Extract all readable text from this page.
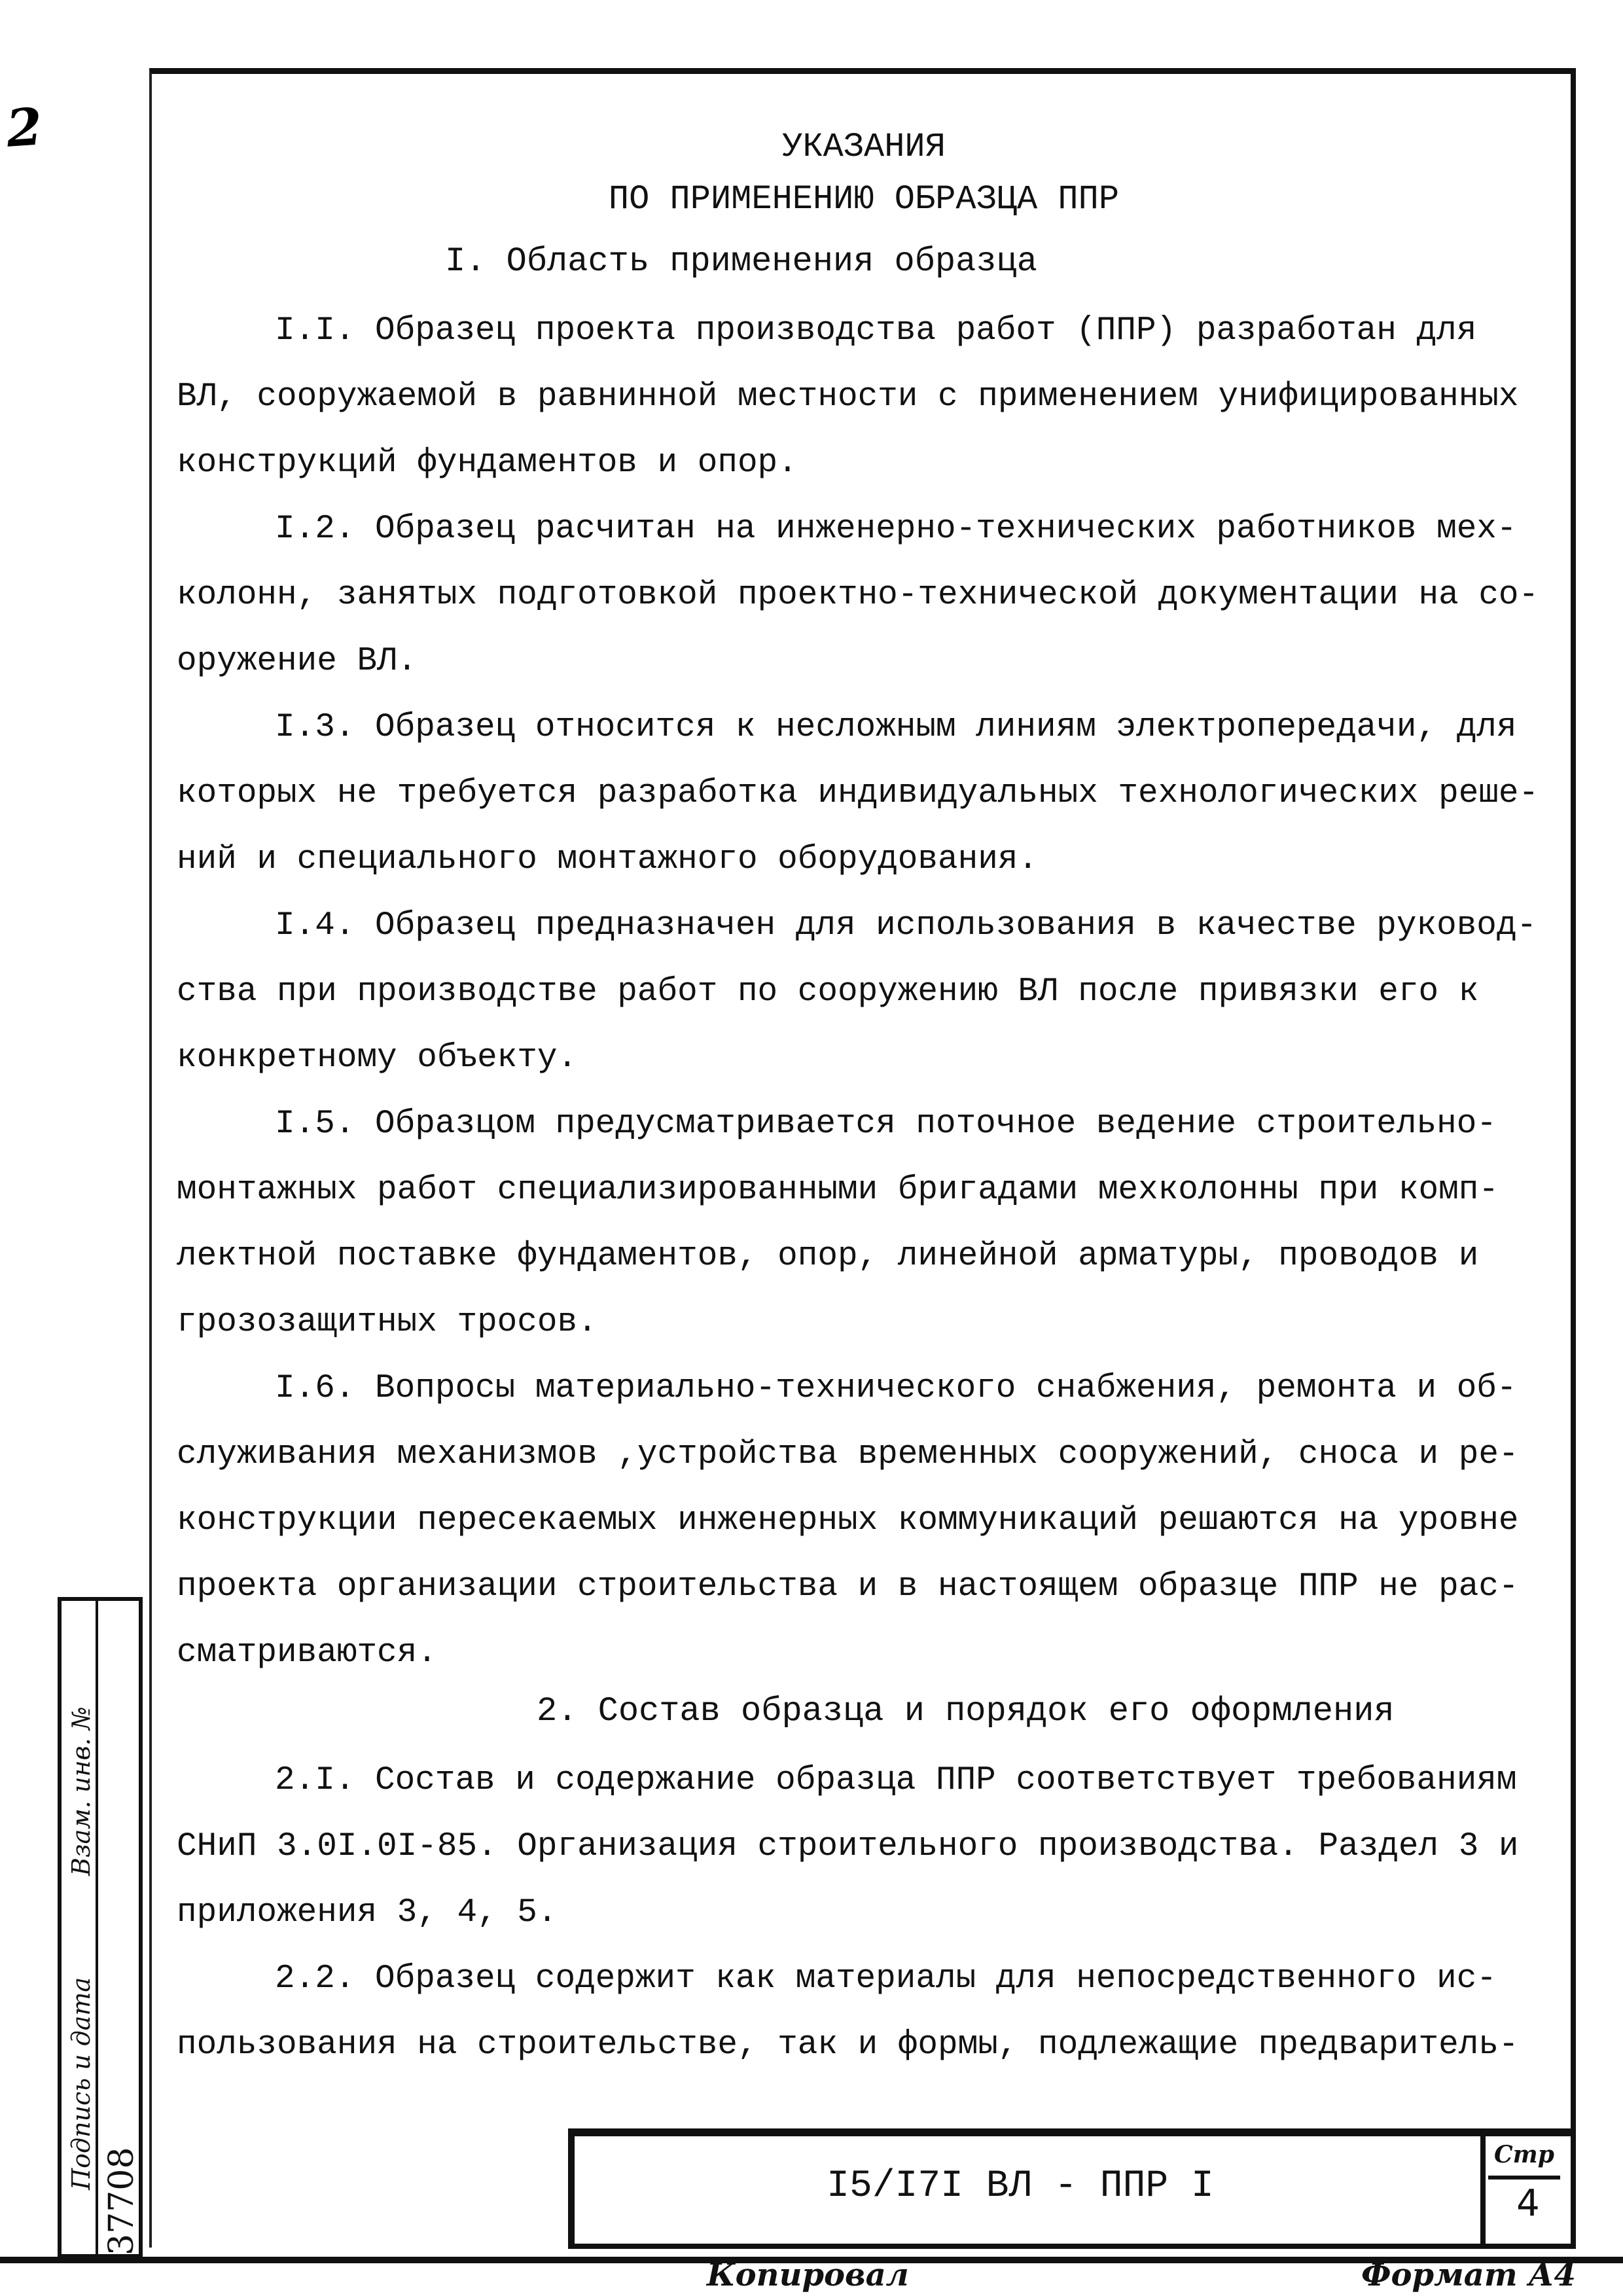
2	УКАЗАНИЯ
ПО ПРИМЕНЕНИЮ ОБРАЗЦА ППР
I. Область применения образца
I.I. Образец проекта производства работ (ППР) разработан для
ВЛ, сооружаемой в равнинной местности с применением унифицированных
конструкций фундаментов и опор.
I.2. Образец расчитан на инженерно-технических работников мех-
колонн, занятых подготовкой проектно-технической документации на со-
оружение ВЛ.
I.3. Образец относится к несложным линиям электропередачи, для
которых не требуется разработка индивидуальных технологических реше-
ний и специального монтажного оборудования.
I.4. Образец предназначен для использования в качестве руковод-
ства при производстве работ по сооружению ВЛ после привязки его к
конкретному объекту.
I.5. Образцом предусматривается поточное ведение строительно-
монтажных работ специализированными бригадами мехколонны при комп-
лектной поставке фундаментов, опор, линейной арматуры, проводов и
грозозащитных тросов.
I.6. Вопросы материально-технического снабжения, ремонта и об-
служивания механизмов ,устройства временных сооружений, сноса и ре-
конструкции пересекаемых инженерных коммуникаций решаются на уровне
проекта организации строительства и в настоящем образце ППР не рас-
сматриваются.
2. Состав образца и порядок его оформления
2.I. Состав и содержание образца ППР соответствует требованиям
СНиП 3.0I.0I-85. Организация строительного производства. Раздел 3 и
приложения 3, 4, 5.
2.2. Образец содержит как материалы для непосредственного ис-
пользования на строительстве, так и формы, подлежащие предваритель-
37708
Подпись и дата
Взам. инв. №
I5/I7I ВЛ - ППР I
Стр
4
Копировал	Формат А4
